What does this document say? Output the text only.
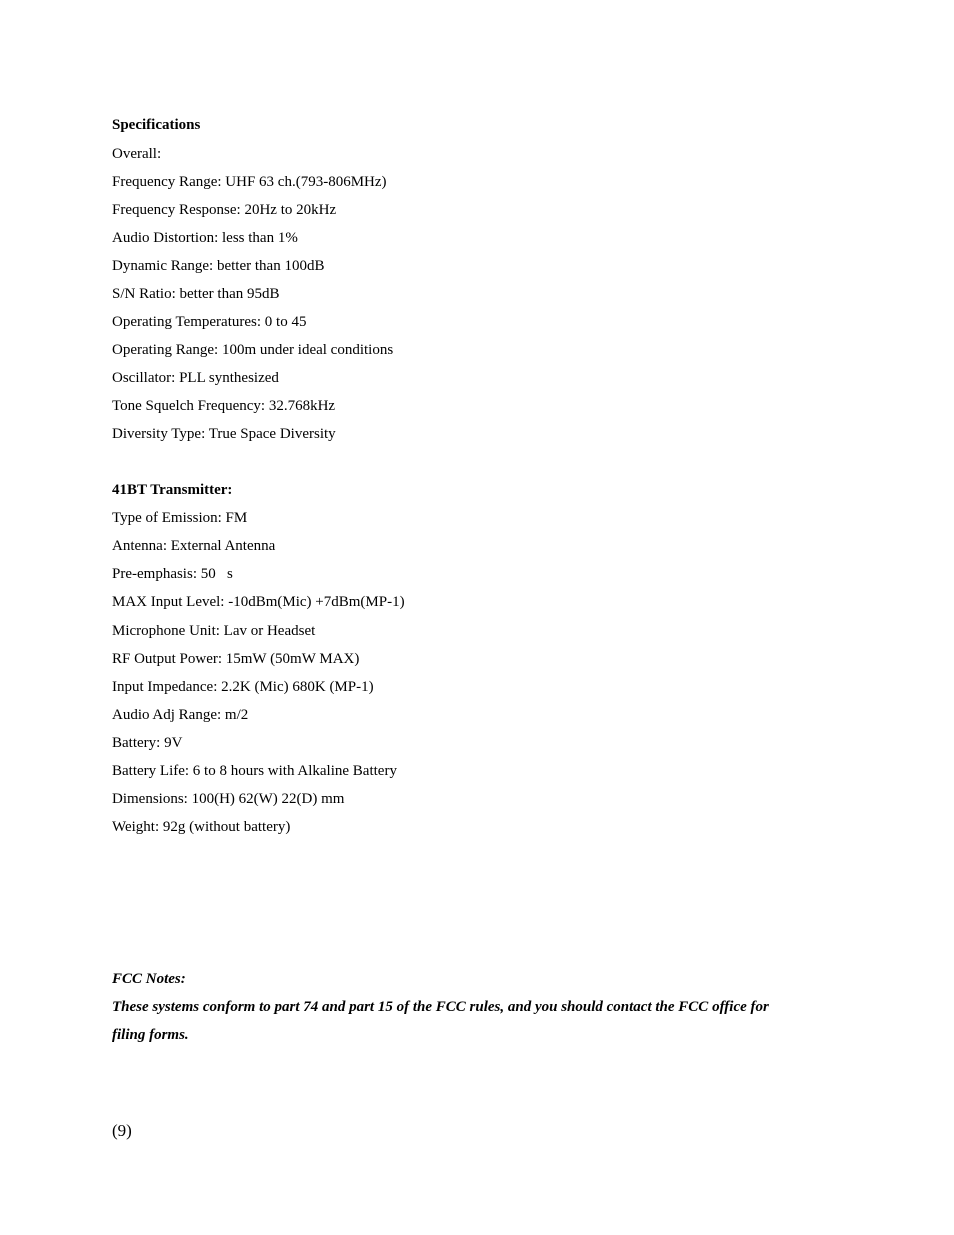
Specifications
Overall:
Frequency Range: UHF 63 ch.(793-806MHz)
Frequency Response: 20Hz to 20kHz
Audio Distortion: less than 1%
Dynamic Range: better than 100dB
S/N Ratio: better than 95dB
Operating Temperatures: 0 to 45
Operating Range: 100m under ideal conditions
Oscillator: PLL synthesized
Tone Squelch Frequency: 32.768kHz
Diversity Type: True Space Diversity
41BT Transmitter:
Type of Emission: FM
Antenna: External Antenna
Pre-emphasis: 50   s
MAX Input Level: -10dBm(Mic) +7dBm(MP-1)
Microphone Unit: Lav or Headset
RF Output Power: 15mW (50mW MAX)
Input Impedance: 2.2K (Mic) 680K (MP-1)
Audio Adj Range: m/2
Battery: 9V
Battery Life: 6 to 8 hours with Alkaline Battery
Dimensions: 100(H) 62(W) 22(D) mm
Weight: 92g (without battery)
FCC Notes:
These systems conform to part 74 and part 15 of the FCC rules, and you should contact the FCC office for
filing forms.
(9)
